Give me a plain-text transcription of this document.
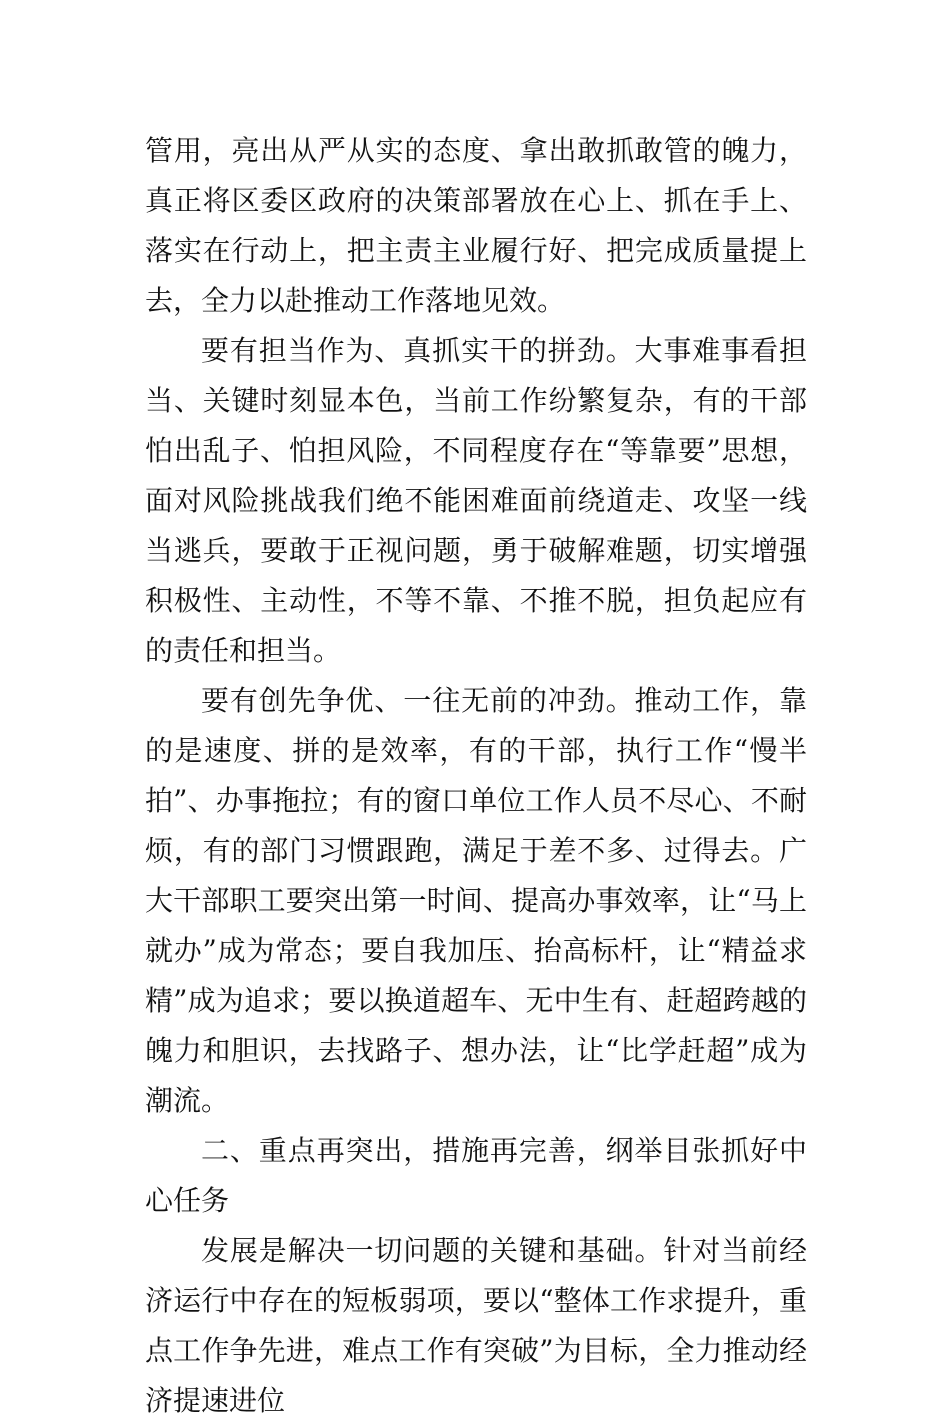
管用，亮出从严从实的态度、拿出敢抓敢管的魄力，真正将区委区政府的决策部署放在心上、抓在手上、落实在行动上，把主责主业履行好、把完成质量提上去，全力以赴推动工作落地见效。

要有担当作为、真抓实干的拼劲。大事难事看担当、关键时刻显本色，当前工作纷繁复杂，有的干部怕出乱子、怕担风险，不同程度存在“等靠要”思想，面对风险挑战我们绝不能困难面前绕道走、攻坚一线当逃兵，要敢于正视问题，勇于破解难题，切实增强积极性、主动性，不等不靠、不推不脱，担负起应有的责任和担当。

要有创先争优、一往无前的冲劲。推动工作，靠的是速度、拼的是效率，有的干部，执行工作“慢半拍”、办事拖拉；有的窗口单位工作人员不尽心、不耐烦，有的部门习惯跟跑，满足于差不多、过得去。广大干部职工要突出第一时间、提高办事效率，让“马上就办”成为常态；要自我加压、抬高标杆，让“精益求精”成为追求；要以换道超车、无中生有、赶超跨越的魄力和胆识，去找路子、想办法，让“比学赶超”成为潮流。

二、重点再突出，措施再完善，纲举目张抓好中心任务

发展是解决一切问题的关键和基础。针对当前经济运行中存在的短板弱项，要以“整体工作求提升，重点工作争先进，难点工作有突破”为目标，全力推动经济提速进位
